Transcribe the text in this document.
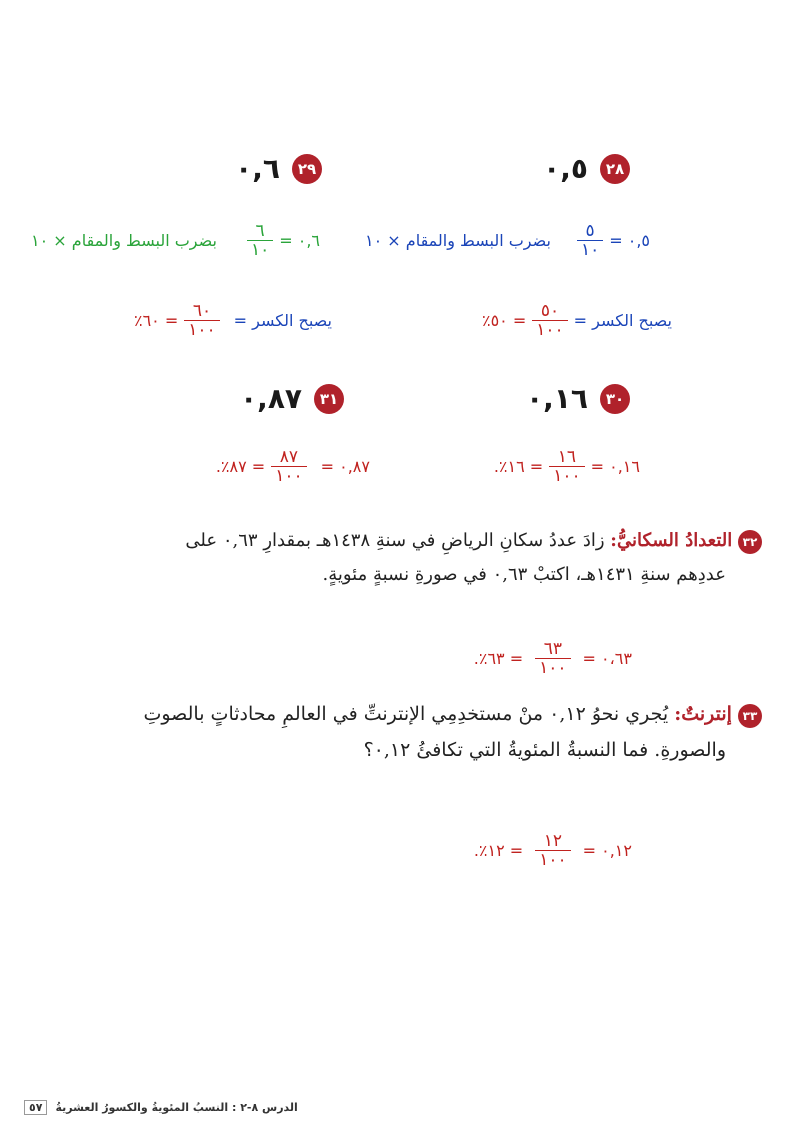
٢٨
٠,٥
٢٩
٠,٦
٠,٥ =
$\frac{٥}{١٠}$
بضرب البسط والمقام × ١٠
٠,٦ =
$\frac{٦}{١٠}$
بضرب البسط والمقام × ١٠
يصبح الكسر =
$\frac{٥٠}{١٠٠}$
= ٥٠٪
يصبح الكسر =
$\frac{٦٠}{١٠٠}$
= ٦٠٪
٣٠
٠,١٦
٣١
٠,٨٧
٠,١٦ =
$\frac{١٦}{١٠٠}$
= ١٦٪.
٠,٨٧ =
$\frac{٨٧}{١٠٠}$
= ٨٧٪.
٣٢ التعدادُ السكانيُّ: زادَ عددُ سكانِ الرياضِ في سنةِ ١٤٣٨هـ بمقدارِ ٠,٦٣ على
عددِهم سنةِ ١٤٣١هـ، اكتبْ ٠,٦٣ في صورةِ نسبةٍ مئويةٍ.
٠،٦٣ =
$\frac{٦٣}{١٠٠}$
= ٦٣٪.
٣٣ إنترنتٌ: يُجري نحوُ ٠,١٢ منْ مستخدِمِي الإنترنتِّ في العالمِ محادثاتٍ بالصوتِ
والصورةِ. فما النسبةُ المئويةُ التي تكافئُ ٠,١٢؟
٠,١٢ =
$\frac{١٢}{١٠٠}$
= ١٢٪.
٥٧	الدرس ٨-٢ : النسبُ المئويةُ والكسورُ العشريةُ
